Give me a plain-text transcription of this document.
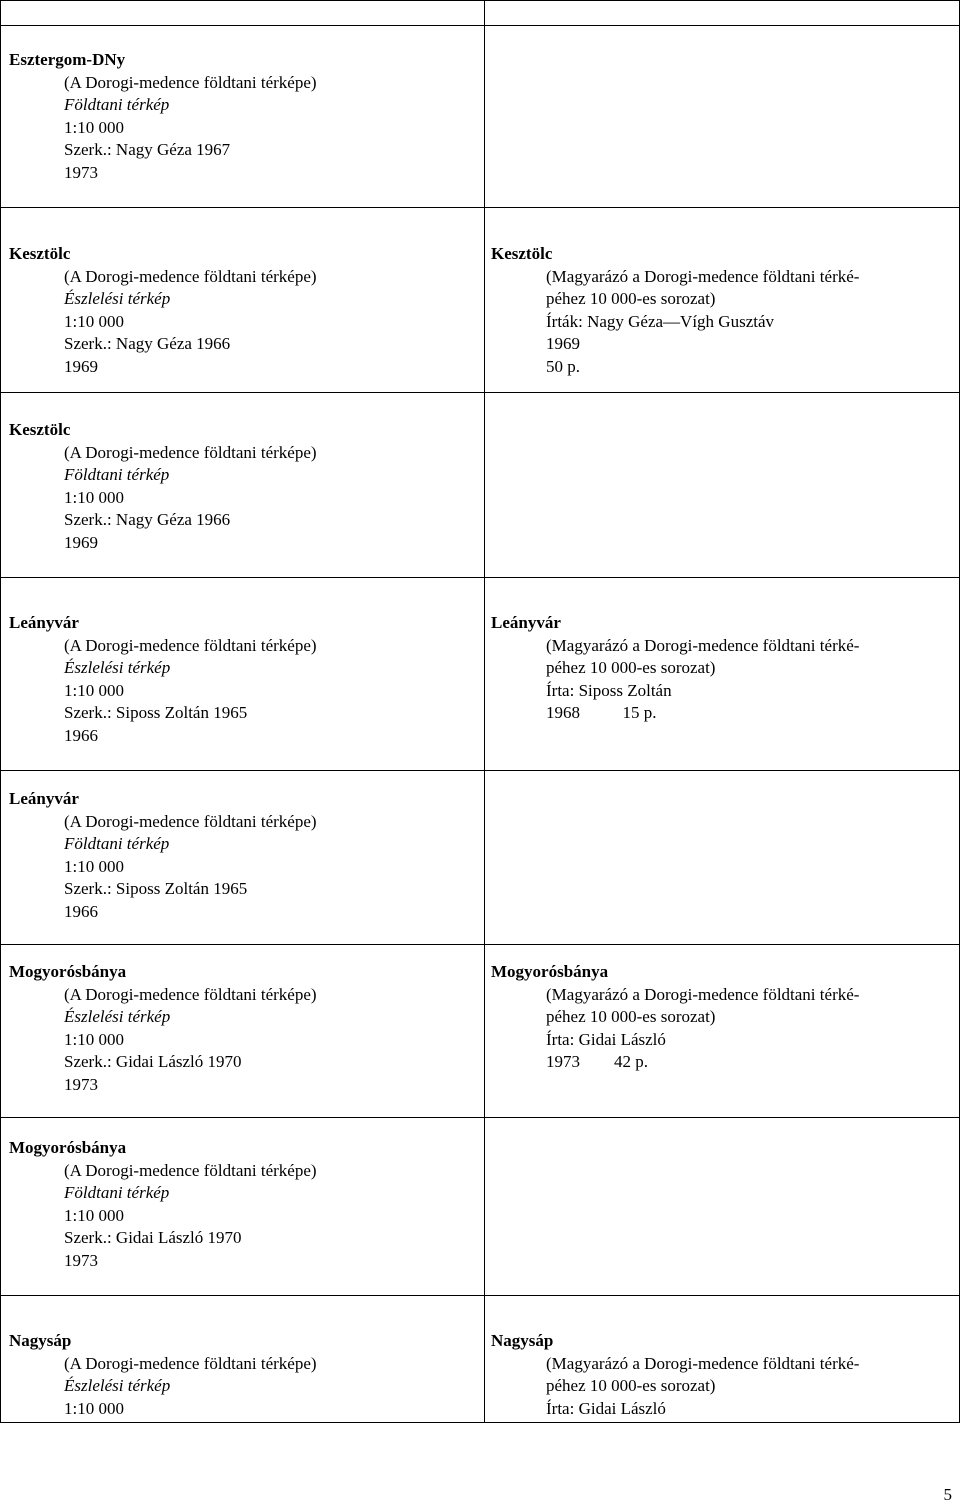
Esztergom-DNy
(A Dorogi-medence földtani térképe)
Földtani térkép
1:10 000
Szerk.: Nagy Géza 1967
1973
Kesztölc
(A Dorogi-medence földtani térképe)
Észlelési térkép
1:10 000
Szerk.: Nagy Géza 1966
1969
Kesztölc
(Magyarázó a Dorogi-medence földtani térké-
péhez 10 000-es sorozat)
Írták: Nagy Géza—Vígh Gusztáv
1969
50 p.
Kesztölc
(A Dorogi-medence földtani térképe)
Földtani térkép
1:10 000
Szerk.: Nagy Géza 1966
1969
Leányvár
(A Dorogi-medence földtani térképe)
Észlelési térkép
1:10 000
Szerk.: Siposs Zoltán 1965
1966
Leányvár
(Magyarázó a Dorogi-medence földtani térké-
péhez 10 000-es sorozat)
Írta: Siposs Zoltán
1968          15 p.
Leányvár
(A Dorogi-medence földtani térképe)
Földtani térkép
1:10 000
Szerk.: Siposs Zoltán 1965
1966
Mogyorósbánya
(A Dorogi-medence földtani térképe)
Észlelési térkép
1:10 000
Szerk.: Gidai László 1970
1973
Mogyorósbánya
(Magyarázó a Dorogi-medence földtani térké-
péhez 10 000-es sorozat)
Írta: Gidai László
1973        42 p.
Mogyorósbánya
(A Dorogi-medence földtani térképe)
Földtani térkép
1:10 000
Szerk.: Gidai László 1970
1973
Nagysáp
(A Dorogi-medence földtani térképe)
Észlelési térkép
1:10 000
Nagysáp
(Magyarázó a Dorogi-medence földtani térké-
péhez 10 000-es sorozat)
Írta: Gidai László
5
